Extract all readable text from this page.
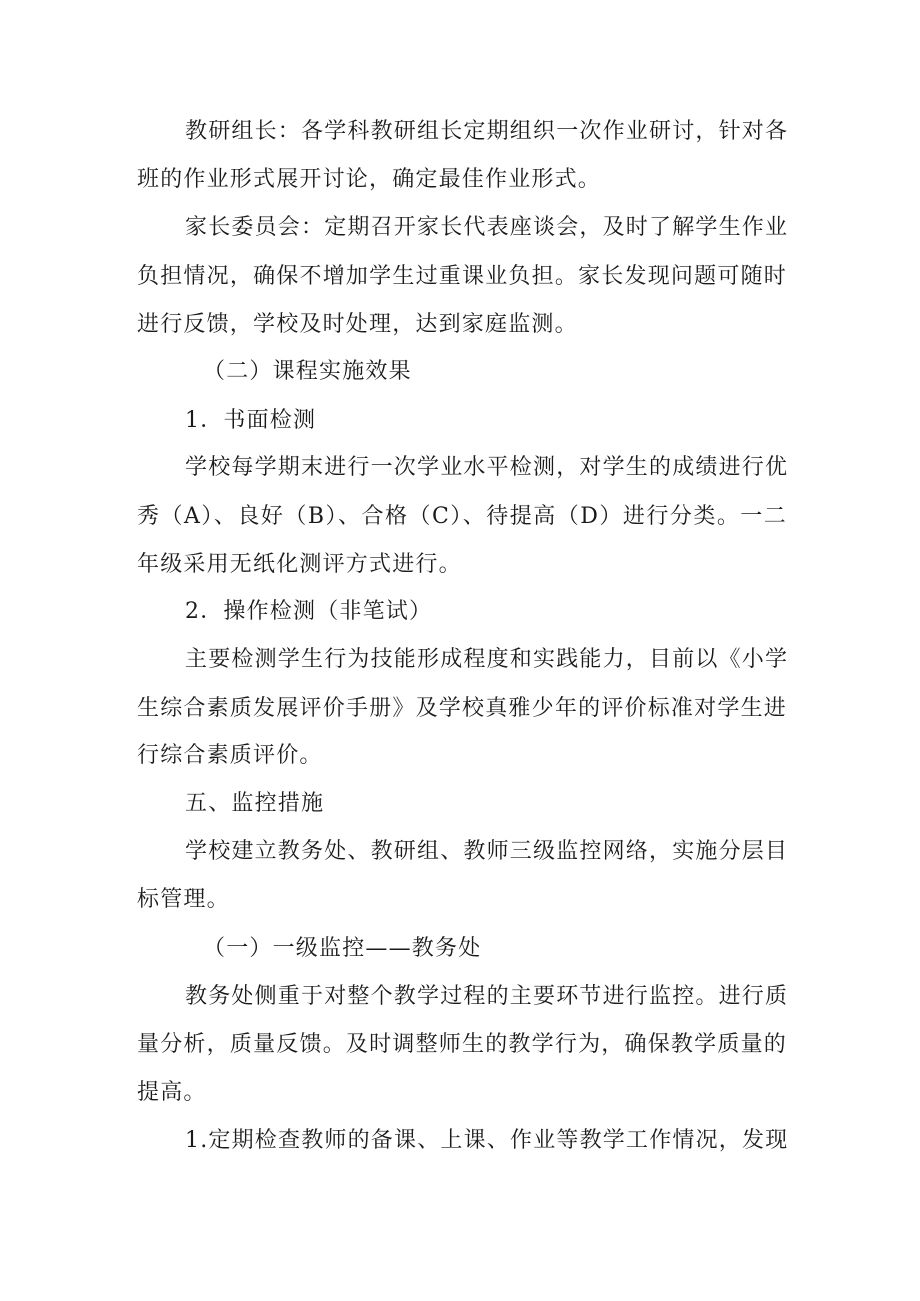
教研组长：各学科教研组长定期组织一次作业研讨，针对各
班的作业形式展开讨论，确定最佳作业形式。
家长委员会：定期召开家长代表座谈会，及时了解学生作业
负担情况，确保不增加学生过重课业负担。家长发现问题可随时
进行反馈，学校及时处理，达到家庭监测。
（二）课程实施效果
1．书面检测
学校每学期末进行一次学业水平检测，对学生的成绩进行优
秀（A）、良好（B）、合格（C）、待提高（D）进行分类。一二
年级采用无纸化测评方式进行。
2．操作检测（非笔试）
主要检测学生行为技能形成程度和实践能力，目前以《小学
生综合素质发展评价手册》及学校真雅少年的评价标准对学生进
行综合素质评价。
五、监控措施
学校建立教务处、教研组、教师三级监控网络，实施分层目
标管理。
（一）一级监控——教务处
教务处侧重于对整个教学过程的主要环节进行监控。进行质
量分析，质量反馈。及时调整师生的教学行为，确保教学质量的
提高。
1.定期检查教师的备课、上课、作业等教学工作情况，发现
